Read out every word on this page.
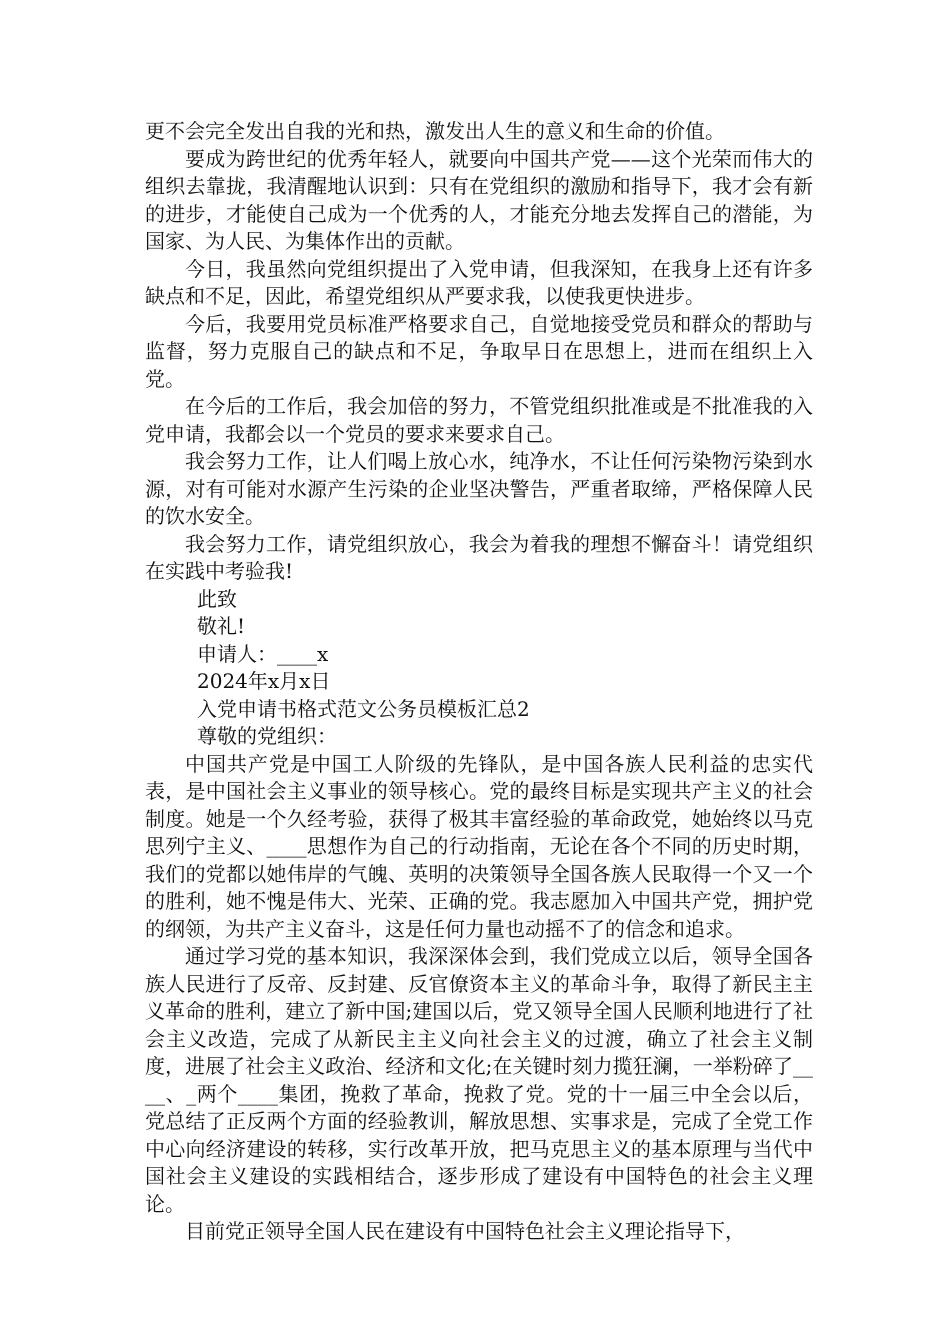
更不会完全发出自我的光和热，激发出人生的意义和生命的价值。

要成为跨世纪的优秀年轻人，就要向中国共产党——这个光荣而伟大的组织去靠拢，我清醒地认识到：只有在党组织的激励和指导下，我才会有新的进步，才能使自己成为一个优秀的人，才能充分地去发挥自己的潜能，为国家、为人民、为集体作出的贡献。

今日，我虽然向党组织提出了入党申请，但我深知，在我身上还有许多缺点和不足，因此，希望党组织从严要求我，以使我更快进步。

今后，我要用党员标准严格要求自己，自觉地接受党员和群众的帮助与监督，努力克服自己的缺点和不足，争取早日在思想上，进而在组织上入党。

在今后的工作后，我会加倍的努力，不管党组织批准或是不批准我的入党申请，我都会以一个党员的要求来要求自己。

我会努力工作，让人们喝上放心水，纯净水，不让任何污染物污染到水源，对有可能对水源产生污染的企业坚决警告，严重者取缔，严格保障人民的饮水安全。

我会努力工作，请党组织放心，我会为着我的理想不懈奋斗！请党组织在实践中考验我!

此致

敬礼!

申请人：____x

2024年x月x日

入党申请书格式范文公务员模板汇总2

尊敬的党组织：

中国共产党是中国工人阶级的先锋队，是中国各族人民利益的忠实代表，是中国社会主义事业的领导核心。党的最终目标是实现共产主义的社会制度。她是一个久经考验，获得了极其丰富经验的革命政党，她始终以马克思列宁主义、____思想作为自己的行动指南，无论在各个不同的历史时期，我们的党都以她伟岸的气魄、英明的决策领导全国各族人民取得一个又一个的胜利，她不愧是伟大、光荣、正确的党。我志愿加入中国共产党，拥护党的纲领，为共产主义奋斗，这是任何力量也动摇不了的信念和追求。

通过学习党的基本知识，我深深体会到，我们党成立以后，领导全国各族人民进行了反帝、反封建、反官僚资本主义的革命斗争，取得了新民主主义革命的胜利，建立了新中国;建国以后，党又领导全国人民顺利地进行了社会主义改造，完成了从新民主主义向社会主义的过渡，确立了社会主义制度，进展了社会主义政治、经济和文化;在关键时刻力揽狂澜，一举粉碎了____、_两个____集团，挽救了革命，挽救了党。党的十一届三中全会以后，党总结了正反两个方面的经验教训，解放思想、实事求是，完成了全党工作中心向经济建设的转移，实行改革开放，把马克思主义的基本原理与当代中国社会主义建设的实践相结合，逐步形成了建设有中国特色的社会主义理论。

目前党正领导全国人民在建设有中国特色社会主义理论指导下，
